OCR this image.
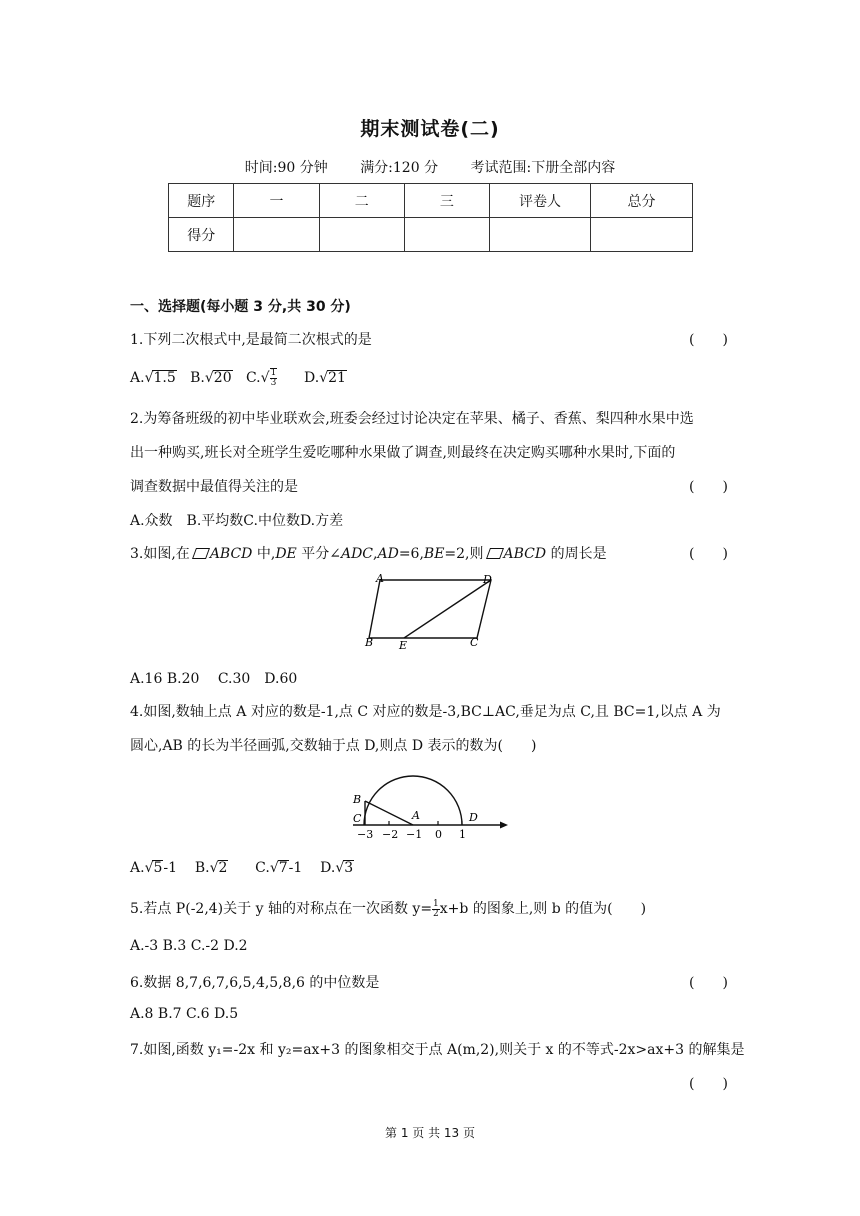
期末测试卷(二)
时间:90 分钟 满分:120 分 考试范围:下册全部内容
题序	一	二	三	评卷人	总分
得分					
一、选择题(每小题 3 分,共 30 分)
1.下列二次根式中,是最简二次根式的是	(　　)
A.√1.5 B.√20 $C.√ \frac{1}{3} D.√21$
2.为筹备班级的初中毕业联欢会,班委会经过讨论决定在苹果、橘子、香蕉、梨四种水果中选
出一种购买,班长对全班学生爱吃哪种水果做了调查,则最终在决定购买哪种水果时,下面的
调查数据中最值得关注的是	(　　)
A.众数　B.平均数C.中位数D.方差
3.如图,在 ABCD 中,DE 平分∠ADC,AD=6,BE=2,则 ABCD 的周长是	(　　)
A	D
B E	C
A.16 B.20　 C.30　D.60
4.如图,数轴上点 A 对应的数是-1,点 C 对应的数是-3,BC⊥AC,垂足为点 C,且 BC=1,以点 A 为
圆心,AB 的长为半径画弧,交数轴于点 D,则点 D 表示的数为(　　)
B
C	A	D
−3 −2 −1 0 1
A.√5-1 B.√2 C.√7-1 D.√3
5.若点 P(-2,4)关于 y 轴的对称点在一次函数 $y= \frac{1}{2} x+b$ 的图象上,则 b 的值为(　　)
A.-3 B.3 C.-2 D.2
6.数据 8,7,6,7,6,5,4,5,8,6 的中位数是	(　　)
A.8 B.7 C.6 D.5
7.如图,函数 y₁=-2x 和 y₂=ax+3 的图象相交于点 A(m,2),则关于 x 的不等式-2x>ax+3 的解集是
(　　)
第 1 页 共 13 页
